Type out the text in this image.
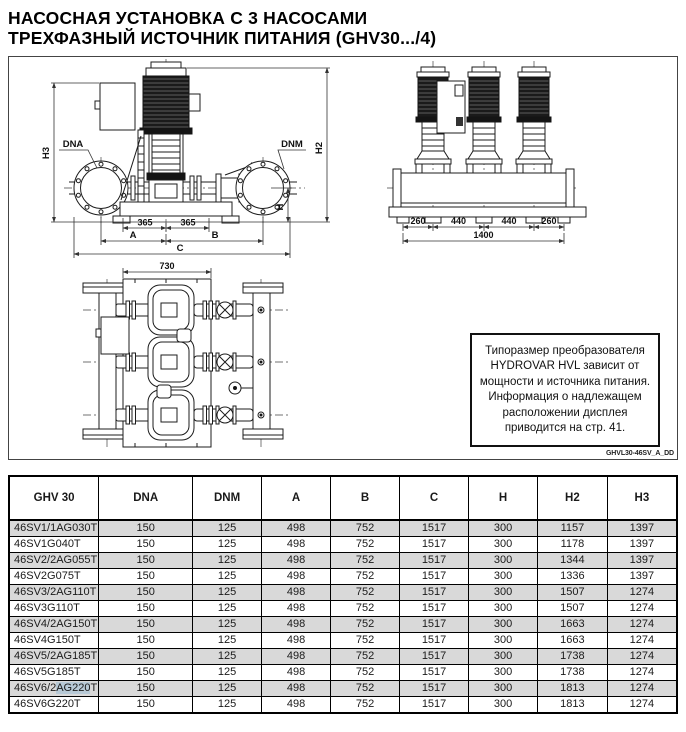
НАСОСНАЯ УСТАНОВКА С 3 НАСОСАМИ
ТРЕХФАЗНЫЙ ИСТОЧНИК ПИТАНИЯ (GHV30.../4)
H3	H2
H
365	365
A	B
C
DNA	DNM
260	440	440	260
1400
730
Типоразмер преобразователя HYDROVAR HVL зависит от мощности и источника питания. Информация о надлежащем расположении дисплея приводится на стр. 41.
GHVL30-46SV_A_DD
GHV 30	DNA	DNM	A	B	C	H	H2	H3
46SV1/1AG030T	150	125	498	752	1517	300	1157	1397
46SV1G040T	150	125	498	752	1517	300	1178	1397
46SV2/2AG055T	150	125	498	752	1517	300	1344	1397
46SV2G075T	150	125	498	752	1517	300	1336	1397
46SV3/2AG110T	150	125	498	752	1517	300	1507	1274
46SV3G110T	150	125	498	752	1517	300	1507	1274
46SV4/2AG150T	150	125	498	752	1517	300	1663	1274
46SV4G150T	150	125	498	752	1517	300	1663	1274
46SV5/2AG185T	150	125	498	752	1517	300	1738	1274
46SV5G185T	150	125	498	752	1517	300	1738	1274
46SV6/2AG220T	150	125	498	752	1517	300	1813	1274
46SV6G220T	150	125	498	752	1517	300	1813	1274
